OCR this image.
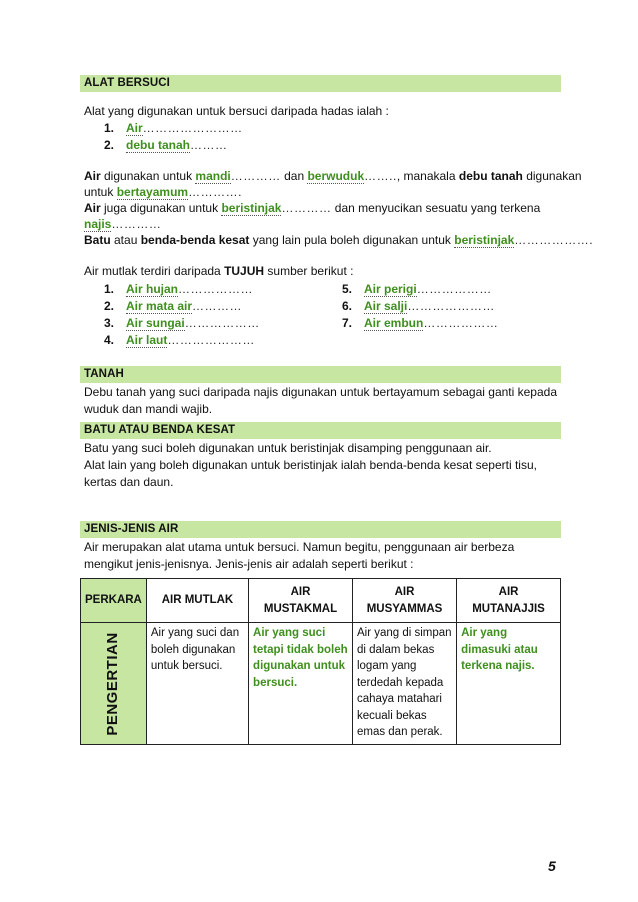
ALAT BERSUCI
Alat yang digunakan untuk bersuci daripada hadas ialah :
1. Air……………………
2. debu tanah………
Air digunakan untuk mandi………… dan berwuduk…….., manakala debu tanah digunakan
untuk bertayamum………….
Air juga digunakan untuk beristinjak………… dan menyucikan sesuatu yang terkena
najis…………
Batu atau benda-benda kesat yang lain pula boleh digunakan untuk beristinjak……………….
Air mutlak terdiri daripada TUJUH sumber berikut :
1. Air hujan………………
2. Air mata air…………
3. Air sungai………………
4. Air laut…………………
5. Air perigi………………
6. Air salji…………………
7. Air embun………………
TANAH
Debu tanah yang suci daripada najis digunakan untuk bertayamum sebagai ganti kepada
wuduk dan mandi wajib.
BATU ATAU BENDA KESAT
Batu yang suci boleh digunakan untuk beristinjak disamping penggunaan air.
Alat lain yang boleh digunakan untuk beristinjak ialah benda-benda kesat seperti tisu,
kertas dan daun.
JENIS-JENIS AIR
Air merupakan alat utama untuk bersuci. Namun begitu, penggunaan air berbeza
mengikut jenis-jenisnya. Jenis-jenis air adalah seperti berikut :
PERKARA	AIR MUTLAK	AIR MUSTAKMAL	AIR MUSYAMMAS	AIR MUTANAJJIS

PENGERTIAN	Air yang suci dan boleh digunakan untuk bersuci.	Air yang suci tetapi tidak boleh digunakan untuk bersuci.	Air yang di simpan di dalam bekas logam yang terdedah kepada cahaya matahari kecuali bekas emas dan perak.	Air yang dimasuki atau terkena najis.
5
